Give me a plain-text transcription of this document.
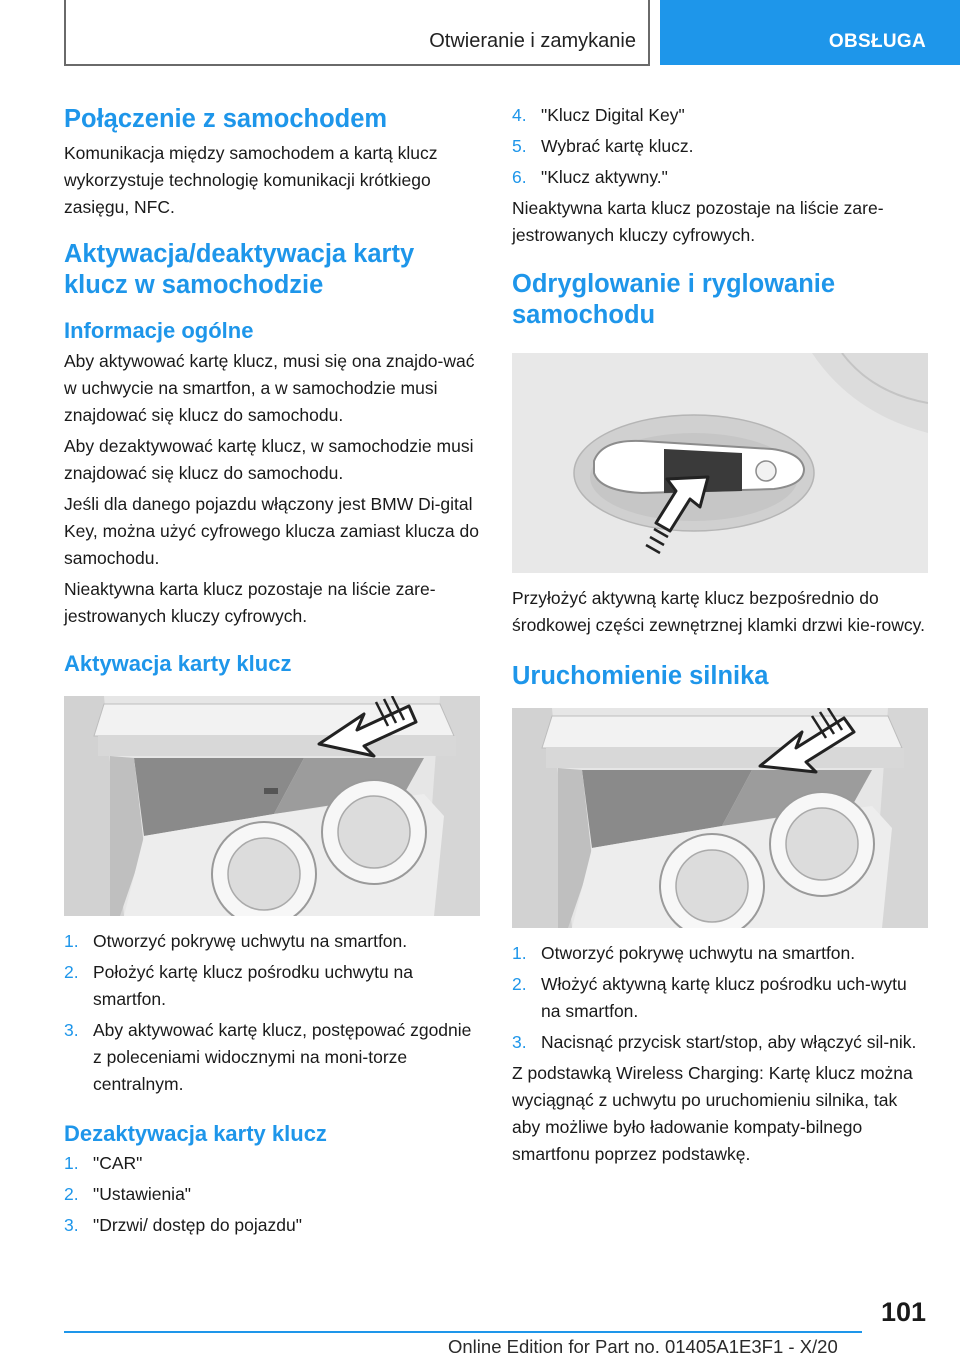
Otwieranie i zamykanie	OBSŁUGA
Połączenie z samochodem

Komunikacja między samochodem a kartą klucz wykorzystuje technologię komunikacji krótkiego zasięgu, NFC.

Aktywacja/deaktywacja karty
klucz w samochodzie
Informacje ogólne

Aby aktywować kartę klucz, musi się ona znajdo-wać w uchwycie na smartfon, a w samochodzie musi znajdować się klucz do samochodu.

Aby dezaktywować kartę klucz, w samochodzie musi znajdować się klucz do samochodu.

Jeśli dla danego pojazdu włączony jest BMW Di-gital Key, można użyć cyfrowego klucza zamiast klucza do samochodu.

Nieaktywna karta klucz pozostaje na liście zare-jestrowanych kluczy cyfrowych.

Aktywacja karty klucz
1. Otworzyć pokrywę uchwytu na smartfon.
2. Położyć kartę klucz pośrodku uchwytu na smartfon.
3. Aby aktywować kartę klucz, postępować zgodnie z poleceniami widocznymi na moni-torze centralnym.
Dezaktywacja karty klucz
1. "CAR"
2. "Ustawienia"
3. "Drzwi/ dostęp do pojazdu"
4. "Klucz Digital Key"
5. Wybrać kartę klucz.
6. "Klucz aktywny."

Nieaktywna karta klucz pozostaje na liście zare-jestrowanych kluczy cyfrowych.

Odryglowanie i ryglowanie
samochodu

Przyłożyć aktywną kartę klucz bezpośrednio do środkowej części zewnętrznej klamki drzwi kie-rowcy.

Uruchomienie silnika
1. Otworzyć pokrywę uchwytu na smartfon.
2. Włożyć aktywną kartę klucz pośrodku uch-wytu na smartfon.
3. Nacisnąć przycisk start/stop, aby włączyć sil-nik.

Z podstawką Wireless Charging: Kartę klucz można wyciągnąć z uchwytu po uruchomieniu silnika, tak aby możliwe było ładowanie kompaty-bilnego smartfonu poprzez podstawkę.

101
Online Edition for Part no. 01405A1E3F1 - X/20
